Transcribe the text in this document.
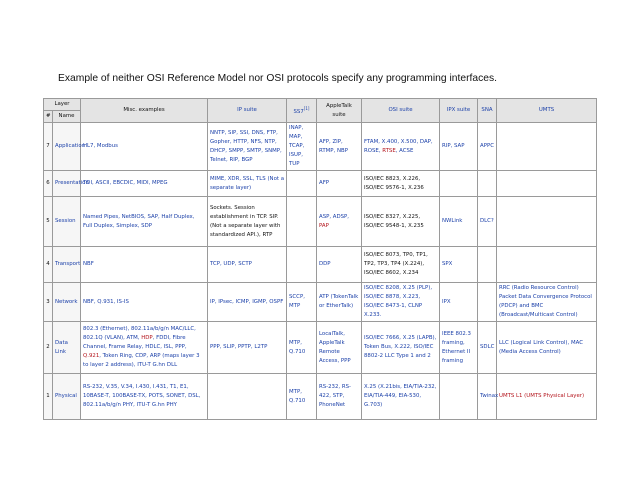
Example of neither OSI Reference Model nor OSI protocols specify any programming interfaces.
Layer		Misc. examples	IP suite	SS7[1]	AppleTalk suite	OSI suite	IPX suite	SNA	UMTS
#	Name								
7	Application	HL7, Modbus	NNTP, SIP, SSI, DNS, FTP, Gopher, HTTP, NFS, NTP, DHCP, SMPP, SMTP, SNMP, Telnet, RIP, BGP	INAP, MAP, TCAP, ISUP, TUP	AFP, ZIP, RTMP, NBP	FTAM, X.400, X.500, DAP, ROSE, RTSE, ACSE	RIP, SAP	APPC	
6	Presentation	TDI, ASCII, EBCDIC, MIDI, MPEG	MIME, XDR, SSL, TLS (Not a separate layer)		AFP	ISO/IEC 8823, X.226, ISO/IEC 9576-1, X.236			
5	Session	Named Pipes, NetBIOS, SAP, Half Duplex, Full Duplex, Simplex, SDP	Sockets. Session establishment in TCP. SIP. (Not a separate layer with standardized API.), RTP		ASP, ADSP, PAP	ISO/IEC 8327, X.225, ISO/IEC 9548-1, X.235	NWLink	DLC?	
4	Transport	NBF	TCP, UDP, SCTP		DDP	ISO/IEC 8073, TP0, TP1, TP2, TP3, TP4 (X.224), ISO/IEC 8602, X.234	SPX		
3	Network	NBF, Q.931, IS-IS	IP, IPsec, ICMP, IGMP, OSPF	SCCP, MTP	ATP (TokenTalk or EtherTalk)	ISO/IEC 8208, X.25 (PLP), ISO/IEC 8878, X.223, ISO/IEC 8473-1, CLNP X.233.	IPX		RRC (Radio Resource Control) Packet Data Convergence Protocol (PDCP) and BMC (Broadcast/Multicast Control)
2	Data Link	802.3 (Ethernet), 802.11a/b/g/n MAC/LLC, 802.1Q (VLAN), ATM, HDP, FDDI, Fibre Channel, Frame Relay, HDLC, ISL, PPP, Q.921, Token Ring, CDP, ARP (maps layer 3 to layer 2 address), ITU-T G.hn DLL	PPP, SLIP, PPTP, L2TP	MTP, Q.710	LocalTalk, AppleTalk Remote Access, PPP	ISO/IEC 7666, X.25 (LAPB), Token Bus, X.222, ISO/IEC 8802-2 LLC Type 1 and 2	IEEE 802.3 framing, Ethernet II framing	SDLC	LLC (Logical Link Control), MAC (Media Access Control)
1	Physical	RS-232, V.35, V.34, I.430, I.431, T1, E1, 10BASE-T, 100BASE-TX, POTS, SONET, DSL, 802.11a/b/g/n PHY, ITU-T G.hn PHY		MTP, Q.710	RS-232, RS-422, STP, PhoneNet	X.25 (X.21bis, EIA/TIA-232, EIA/TIA-449, EIA-530, G.703)		Twinax	UMTS L1 (UMTS Physical Layer)
